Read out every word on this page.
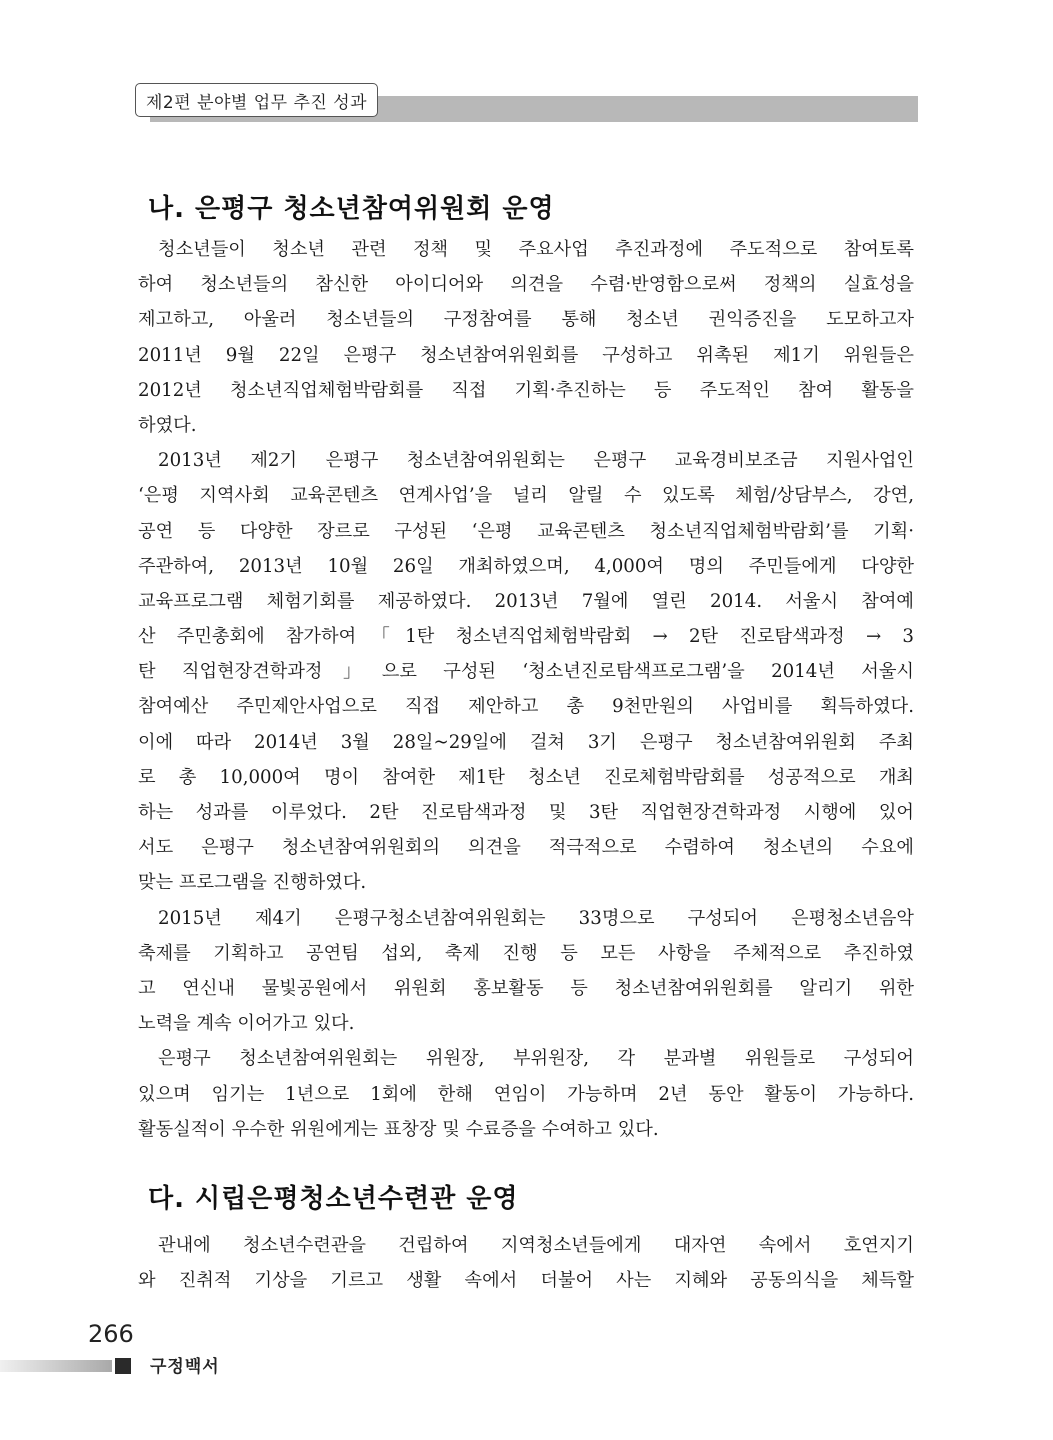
제2편 분야별 업무 추진 성과
나. 은평구 청소년참여위원회 운영
청소년들이 청소년 관련 정책 및 주요사업 추진과정에 주도적으로 참여토록
하여 청소년들의 참신한 아이디어와 의견을 수렴·반영함으로써 정책의 실효성을
제고하고, 아울러 청소년들의 구정참여를 통해 청소년 권익증진을 도모하고자
2011년 9월 22일 은평구 청소년참여위원회를 구성하고 위촉된 제1기 위원들은
2012년 청소년직업체험박람회를 직접 기획·추진하는 등 주도적인 참여 활동을
하였다.
2013년 제2기 은평구 청소년참여위원회는 은평구 교육경비보조금 지원사업인
‘은평 지역사회 교육콘텐츠 연계사업’을 널리 알릴 수 있도록 체험/상담부스, 강연,
공연 등 다양한 장르로 구성된 ‘은평 교육콘텐츠 청소년직업체험박람회’를 기획·
주관하여, 2013년 10월 26일 개최하였으며, 4,000여 명의 주민들에게 다양한
교육프로그램 체험기회를 제공하였다. 2013년 7월에 열린 2014. 서울시 참여예
산 주민총회에 참가하여「1탄 청소년직업체험박람회 → 2탄 진로탐색과정 → 3
탄 직업현장견학과정」으로 구성된 ‘청소년진로탐색프로그램’을 2014년 서울시
참여예산 주민제안사업으로 직접 제안하고 총 9천만원의 사업비를 획득하였다.
이에 따라 2014년 3월 28일~29일에 걸쳐 3기 은평구 청소년참여위원회 주최
로 총 10,000여 명이 참여한 제1탄 청소년 진로체험박람회를 성공적으로 개최
하는 성과를 이루었다. 2탄 진로탐색과정 및 3탄 직업현장견학과정 시행에 있어
서도 은평구 청소년참여위원회의 의견을 적극적으로 수렴하여 청소년의 수요에
맞는 프로그램을 진행하였다.
2015년 제4기 은평구청소년참여위원회는 33명으로 구성되어 은평청소년음악
축제를 기획하고 공연팀 섭외, 축제 진행 등 모든 사항을 주체적으로 추진하였
고 연신내 물빛공원에서 위원회 홍보활동 등 청소년참여위원회를 알리기 위한
노력을 계속 이어가고 있다.
은평구 청소년참여위원회는 위원장, 부위원장, 각 분과별 위원들로 구성되어
있으며 임기는 1년으로 1회에 한해 연임이 가능하며 2년 동안 활동이 가능하다.
활동실적이 우수한 위원에게는 표창장 및 수료증을 수여하고 있다.
다. 시립은평청소년수련관 운영
관내에 청소년수련관을 건립하여 지역청소년들에게 대자연 속에서 호연지기
와 진취적 기상을 기르고 생활 속에서 더불어 사는 지혜와 공동의식을 체득할
266
구정백서
